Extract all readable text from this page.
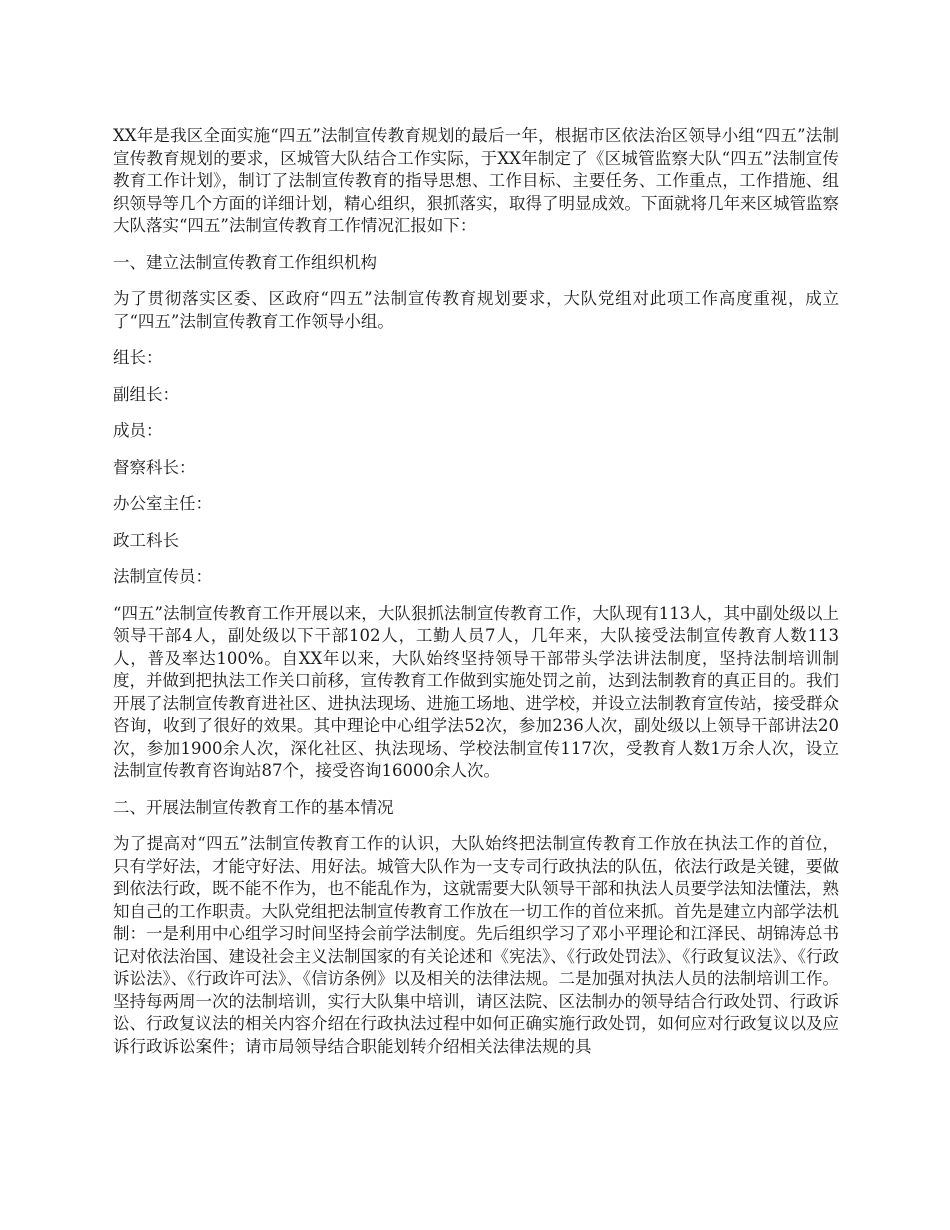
XX年是我区全面实施“四五”法制宣传教育规划的最后一年，根据市区依法治区领导小组“四五”法制宣传教育规划的要求，区城管大队结合工作实际，于XX年制定了《区城管监察大队“四五”法制宣传教育工作计划》，制订了法制宣传教育的指导思想、工作目标、主要任务、工作重点，工作措施、组织领导等几个方面的详细计划，精心组织，狠抓落实，取得了明显成效。下面就将几年来区城管监察大队落实“四五”法制宣传教育工作情况汇报如下：

一、建立法制宣传教育工作组织机构

为了贯彻落实区委、区政府“四五”法制宣传教育规划要求，大队党组对此项工作高度重视，成立了“四五”法制宣传教育工作领导小组。

组长：

副组长：

成员：

督察科长：

办公室主任：

政工科长

法制宣传员：

“四五”法制宣传教育工作开展以来，大队狠抓法制宣传教育工作，大队现有113人，其中副处级以上领导干部4人，副处级以下干部102人，工勤人员7人，几年来，大队接受法制宣传教育人数113人，普及率达100%。自XX年以来，大队始终坚持领导干部带头学法讲法制度，坚持法制培训制度，并做到把执法工作关口前移，宣传教育工作做到实施处罚之前，达到法制教育的真正目的。我们开展了法制宣传教育进社区、进执法现场、进施工场地、进学校，并设立法制教育宣传站，接受群众咨询，收到了很好的效果。其中理论中心组学法52次，参加236人次，副处级以上领导干部讲法20次，参加1900余人次，深化社区、执法现场、学校法制宣传117次，受教育人数1万余人次，设立法制宣传教育咨询站87个，接受咨询16000余人次。

二、开展法制宣传教育工作的基本情况

为了提高对“四五”法制宣传教育工作的认识，大队始终把法制宣传教育工作放在执法工作的首位，只有学好法，才能守好法、用好法。城管大队作为一支专司行政执法的队伍，依法行政是关键，要做到依法行政，既不能不作为，也不能乱作为，这就需要大队领导干部和执法人员要学法知法懂法，熟知自己的工作职责。大队党组把法制宣传教育工作放在一切工作的首位来抓。首先是建立内部学法机制：一是利用中心组学习时间坚持会前学法制度。先后组织学习了邓小平理论和江泽民、胡锦涛总书记对依法治国、建设社会主义法制国家的有关论述和《宪法》、《行政处罚法》、《行政复议法》、《行政诉讼法》、《行政许可法》、《信访条例》以及相关的法律法规。二是加强对执法人员的法制培训工作。坚持每两周一次的法制培训，实行大队集中培训，请区法院、区法制办的领导结合行政处罚、行政诉讼、行政复议法的相关内容介绍在行政执法过程中如何正确实施行政处罚，如何应对行政复议以及应诉行政诉讼案件；请市局领导结合职能划转介绍相关法律法规的具
